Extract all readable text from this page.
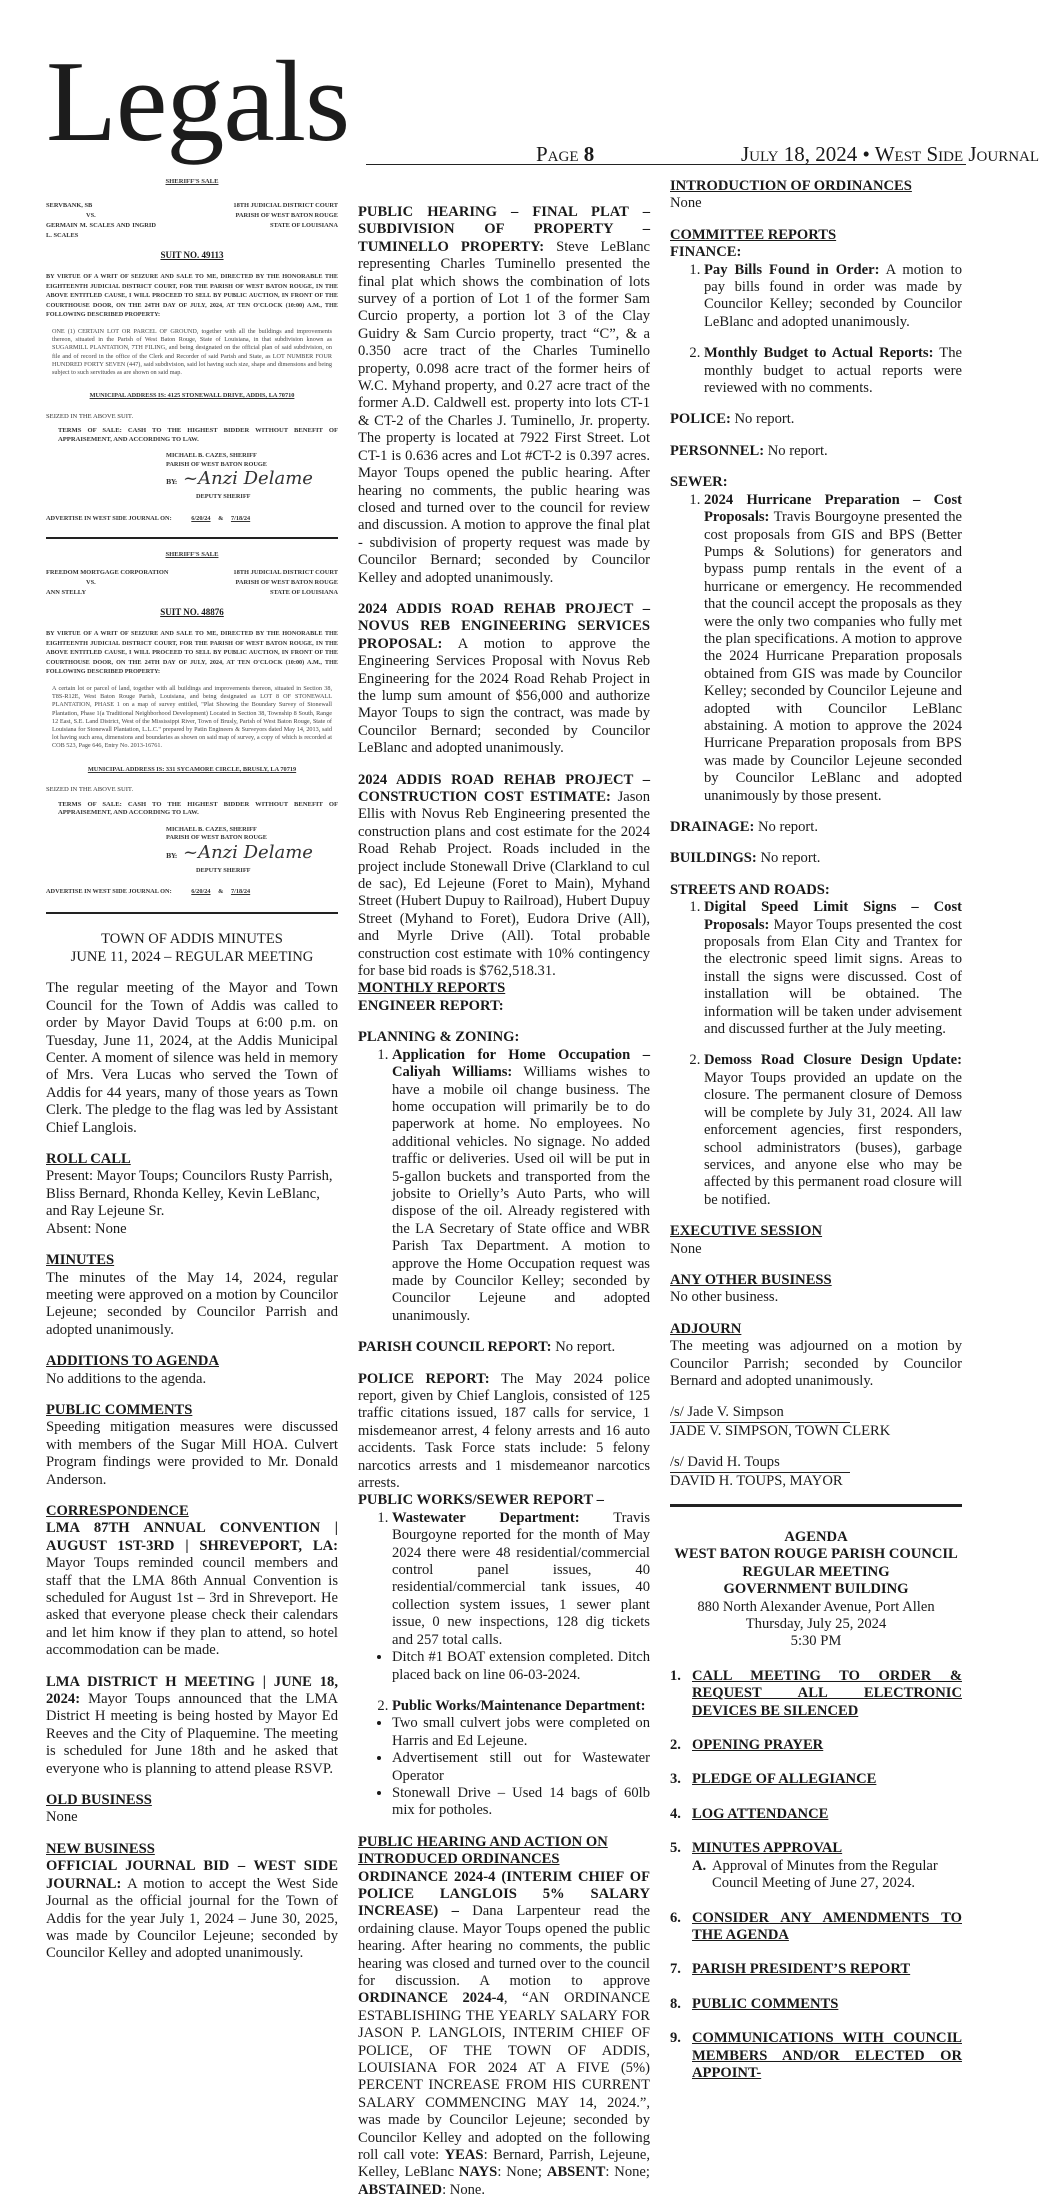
Legals	Page 8	July 18, 2024 • West Side Journal
SHERIFF'S SALE
SERVBANK, SB	18TH JUDICIAL DISTRICT COURT
VS.	PARISH OF WEST BATON ROUGE
GERMAIN M. SCALES AND INGRID L. SCALES
STATE OF LOUISIANA
SUIT NO. 49113
BY VIRTUE OF A WRIT OF SEIZURE AND SALE TO ME, DIRECTED BY THE HONORABLE THE EIGHTEENTH JUDICIAL DISTRICT COURT, FOR THE PARISH OF WEST BATON ROUGE, IN THE ABOVE ENTITLED CAUSE, I WILL PROCEED TO SELL BY PUBLIC AUCTION, IN FRONT OF THE COURTHOUSE DOOR, ON THE 24TH DAY OF JULY, 2024, AT TEN O'CLOCK (10:00) A.M., THE FOLLOWING DESCRIBED PROPERTY:
ONE (1) CERTAIN LOT OR PARCEL OF GROUND, together with all the buildings and improvements thereon, situated in the Parish of West Baton Rouge, State of Louisiana, in that subdivision known as SUGARMILL PLANTATION, 7TH FILING, and being designated on the official plan of said subdivision, on file and of record in the office of the Clerk and Recorder of said Parish and State, as LOT NUMBER FOUR HUNDRED FORTY SEVEN (447), said subdivision, said lot having such size, shape and dimensions and being subject to such servitudes as are shown on said map.
MUNICIPAL ADDRESS IS: 4125 STONEWALL DRIVE, ADDIS, LA 70710
SEIZED IN THE ABOVE SUIT.
TERMS OF SALE: CASH TO THE HIGHEST BIDDER WITHOUT BENEFIT OF APPRAISEMENT, AND ACCORDING TO LAW.
MICHAEL B. CAZES, SHERIFF
PARISH OF WEST BATON ROUGE
BY: ~Anzi Delame
DEPUTY SHERIFF
ADVERTISE IN WEST SIDE JOURNAL ON:	6/20/24 & 7/18/24
SHERIFF'S SALE
FREEDOM MORTGAGE CORPORATION	18TH JUDICIAL DISTRICT COURT
VS.	PARISH OF WEST BATON ROUGE
ANN STELLY	STATE OF LOUISIANA
SUIT NO. 48876
BY VIRTUE OF A WRIT OF SEIZURE AND SALE TO ME, DIRECTED BY THE HONORABLE THE EIGHTEENTH JUDICIAL DISTRICT COURT, FOR THE PARISH OF WEST BATON ROUGE, IN THE ABOVE ENTITLED CAUSE, I WILL PROCEED TO SELL BY PUBLIC AUCTION, IN FRONT OF THE COURTHOUSE DOOR, ON THE 24TH DAY OF JULY, 2024, AT TEN O'CLOCK (10:00) A.M., THE FOLLOWING DESCRIBED PROPERTY:
A certain lot or parcel of land, together with all buildings and improvements thereon, situated in Section 38, T8S-R12E, West Baton Rouge Parish, Louisiana, and being designated as LOT 8 OF STONEWALL PLANTATION, PHASE 1 on a map of survey entitled, "Plat Showing the Boundary Survey of Stonewall Plantation, Phase 1(a Traditional Neighborhood Development) Located in Section 38, Township 8 South, Range 12 East, S.E. Land District, West of the Mississippi River, Town of Brusly, Parish of West Baton Rouge, State of Louisiana for Stonewall Plantation, L.L.C." prepared by Patin Engineers & Surveyors dated May 14, 2013, said lot having such area, dimensions and boundaries as shown on said map of survey, a copy of which is recorded at COB 523, Page 646, Entry No. 2013-16761.
MUNICIPAL ADDRESS IS: 331 SYCAMORE CIRCLE, BRUSLY, LA 70719
SEIZED IN THE ABOVE SUIT.
TERMS OF SALE: CASH TO THE HIGHEST BIDDER WITHOUT BENEFIT OF APPRAISEMENT, AND ACCORDING TO LAW.
MICHAEL B. CAZES, SHERIFF
PARISH OF WEST BATON ROUGE
BY: ~Anzi Delame
DEPUTY SHERIFF
ADVERTISE IN WEST SIDE JOURNAL ON:	6/20/24 & 7/18/24
TOWN OF ADDIS MINUTES
JUNE 11, 2024 – REGULAR MEETING

The regular meeting of the Mayor and Town Council for the Town of Addis was called to order by Mayor David Toups at 6:00 p.m. on Tuesday, June 11, 2024, at the Addis Municipal Center. A moment of silence was held in memory of Mrs. Vera Lucas who served the Town of Addis for 44 years, many of those years as Town Clerk. The pledge to the flag was led by Assistant Chief Langlois.

ROLL CALL

Present: Mayor Toups; Councilors Rusty Parrish, Bliss Bernard, Rhonda Kelley, Kevin LeBlanc, and Ray Lejeune Sr.

Absent: None

MINUTES

The minutes of the May 14, 2024, regular meeting were approved on a motion by Councilor Lejeune; seconded by Councilor Parrish and adopted unanimously.

ADDITIONS TO AGENDA

No additions to the agenda.

PUBLIC COMMENTS

Speeding mitigation measures were discussed with members of the Sugar Mill HOA. Culvert Program findings were provided to Mr. Donald Anderson.

CORRESPONDENCE

LMA 87TH ANNUAL CONVENTION | AUGUST 1ST-3RD | SHREVEPORT, LA: Mayor Toups reminded council members and staff that the LMA 86th Annual Convention is scheduled for August 1st – 3rd in Shreveport. He asked that everyone please check their calendars and let him know if they plan to attend, so hotel accommodation can be made.

LMA DISTRICT H MEETING | JUNE 18, 2024: Mayor Toups announced that the LMA District H meeting is being hosted by Mayor Ed Reeves and the City of Plaquemine. The meeting is scheduled for June 18th and he asked that everyone who is planning to attend please RSVP.

OLD BUSINESS

None

NEW BUSINESS

OFFICIAL JOURNAL BID – WEST SIDE JOURNAL: A motion to accept the West Side Journal as the official journal for the Town of Addis for the year July 1, 2024 – June 30, 2025, was made by Councilor Lejeune; seconded by Councilor Kelley and adopted unanimously.

PUBLIC HEARING – FINAL PLAT – SUBDIVISION OF PROPERTY – TUMINELLO PROPERTY: Steve LeBlanc representing Charles Tuminello presented the final plat which shows the combination of lots survey of a portion of Lot 1 of the former Sam Curcio property, a portion lot 3 of the Clay Guidry & Sam Curcio property, tract “C”, & a 0.350 acre tract of the Charles Tuminello property, 0.098 acre tract of the former heirs of W.C. Myhand property, and 0.27 acre tract of the former A.D. Caldwell est. property into lots CT-1 & CT-2 of the Charles J. Tuminello, Jr. property. The property is located at 7922 First Street. Lot CT-1 is 0.636 acres and Lot #CT-2 is 0.397 acres. Mayor Toups opened the public hearing. After hearing no comments, the public hearing was closed and turned over to the council for review and discussion. A motion to approve the final plat - subdivision of property request was made by Councilor Bernard; seconded by Councilor Kelley and adopted unanimously.

2024 ADDIS ROAD REHAB PROJECT – NOVUS REB ENGINEERING SERVICES PROPOSAL: A motion to approve the Engineering Services Proposal with Novus Reb Engineering for the 2024 Road Rehab Project in the lump sum amount of $56,000 and authorize Mayor Toups to sign the contract, was made by Councilor Bernard; seconded by Councilor LeBlanc and adopted unanimously.

2024 ADDIS ROAD REHAB PROJECT – CONSTRUCTION COST ESTIMATE: Jason Ellis with Novus Reb Engineering presented the construction plans and cost estimate for the 2024 Road Rehab Project. Roads included in the project include Stonewall Drive (Clarkland to cul de sac), Ed Lejeune (Foret to Main), Myhand Street (Hubert Dupuy to Railroad), Hubert Dupuy Street (Myhand to Foret), Eudora Drive (All), and Myrle Drive (All). Total probable construction cost estimate with 10% contingency for base bid roads is $762,518.31.

MONTHLY REPORTS

ENGINEER REPORT:

PLANNING & ZONING:

1. Application for Home Occupation – Caliyah Williams: Williams wishes to have a mobile oil change business. The home occupation will primarily be to do paperwork at home. No employees. No additional vehicles. No signage. No added traffic or deliveries. Used oil will be put in 5-gallon buckets and transported from the jobsite to Orielly’s Auto Parts, who will dispose of the oil. Already registered with the LA Secretary of State office and WBR Parish Tax Department. A motion to approve the Home Occupation request was made by Councilor Kelley; seconded by Councilor Lejeune and adopted unanimously.

PARISH COUNCIL REPORT: No report.

POLICE REPORT: The May 2024 police report, given by Chief Langlois, consisted of 125 traffic citations issued, 187 calls for service, 1 misdemeanor arrest, 4 felony arrests and 16 auto accidents. Task Force stats include: 5 felony narcotics arrests and 1 misdemeanor narcotics arrests.

PUBLIC WORKS/SEWER REPORT –

1. Wastewater Department: Travis Bourgoyne reported for the month of May 2024 there were 48 residential/commercial control panel issues, 40 residential/commercial tank issues, 40 collection system issues, 1 sewer plant issue, 0 new inspections, 128 dig tickets and 257 total calls.
• Ditch #1 BOAT extension completed. Ditch placed back on line 06-03-2024.
2. Public Works/Maintenance Department:
• Two small culvert jobs were completed on Harris and Ed Lejeune.
• Advertisement still out for Wastewater Operator
• Stonewall Drive – Used 14 bags of 60lb mix for potholes.

PUBLIC HEARING AND ACTION ON INTRODUCED ORDINANCES

ORDINANCE 2024-4 (INTERIM CHIEF OF POLICE LANGLOIS 5% SALARY INCREASE) – Dana Larpenteur read the ordaining clause. Mayor Toups opened the public hearing. After hearing no comments, the public hearing was closed and turned over to the council for discussion. A motion to approve ORDINANCE 2024-4, “AN ORDINANCE ESTABLISHING THE YEARLY SALARY FOR JASON P. LANGLOIS, INTERIM CHIEF OF POLICE, OF THE TOWN OF ADDIS, LOUISIANA FOR 2024 AT A FIVE (5%) PERCENT INCREASE FROM HIS CURRENT SALARY COMMENCING MAY 14, 2024.”, was made by Councilor Lejeune; seconded by Councilor Kelley and adopted on the following roll call vote: YEAS: Bernard, Parrish, Lejeune, Kelley, LeBlanc NAYS: None; ABSENT: None; ABSTAINED: None.

INTRODUCTION OF ORDINANCES

None

COMMITTEE REPORTS

FINANCE:

1. Pay Bills Found in Order: A motion to pay bills found in order was made by Councilor Kelley; seconded by Councilor LeBlanc and adopted unanimously.
2. Monthly Budget to Actual Reports: The monthly budget to actual reports were reviewed with no comments.

POLICE: No report.

PERSONNEL: No report.

SEWER:

1. 2024 Hurricane Preparation – Cost Proposals: Travis Bourgoyne presented the cost proposals from GIS and BPS (Better Pumps & Solutions) for generators and bypass pump rentals in the event of a hurricane or emergency. He recommended that the council accept the proposals as they were the only two companies who fully met the plan specifications. A motion to approve the 2024 Hurricane Preparation proposals obtained from GIS was made by Councilor Kelley; seconded by Councilor Lejeune and adopted with Councilor LeBlanc abstaining. A motion to approve the 2024 Hurricane Preparation proposals from BPS was made by Councilor Lejeune seconded by Councilor LeBlanc and adopted unanimously by those present.

DRAINAGE: No report.

BUILDINGS: No report.

STREETS AND ROADS:

1. Digital Speed Limit Signs – Cost Proposals: Mayor Toups presented the cost proposals from Elan City and Trantex for the electronic speed limit signs. Areas to install the signs were discussed. Cost of installation will be obtained. The information will be taken under advisement and discussed further at the July meeting.
2. Demoss Road Closure Design Update: Mayor Toups provided an update on the closure. The permanent closure of Demoss will be complete by July 31, 2024. All law enforcement agencies, first responders, school administrators (buses), garbage services, and anyone else who may be affected by this permanent road closure will be notified.

EXECUTIVE SESSION

None

ANY OTHER BUSINESS

No other business.

ADJOURN

The meeting was adjourned on a motion by Councilor Parrish; seconded by Councilor Bernard and adopted unanimously.

/s/ Jade V. Simpson

JADE V. SIMPSON, TOWN CLERK

/s/ David H. Toups

DAVID H. TOUPS, MAYOR

AGENDA
WEST BATON ROUGE PARISH COUNCIL
REGULAR MEETING
GOVERNMENT BUILDING
880 North Alexander Avenue, Port Allen
Thursday, July 25, 2024
5:30 PM
1. CALL MEETING TO ORDER & REQUEST ALL ELECTRONIC DEVICES BE SILENCED
2. OPENING PRAYER
3. PLEDGE OF ALLEGIANCE
4. LOG ATTENDANCE
5. MINUTES APPROVAL
A. Approval of Minutes from the Regular Council Meeting of June 27, 2024.
6. CONSIDER ANY AMENDMENTS TO THE AGENDA
7. PARISH PRESIDENT’S REPORT
8. PUBLIC COMMENTS
9. COMMUNICATIONS WITH COUNCIL MEMBERS AND/OR ELECTED OR APPOINT-
